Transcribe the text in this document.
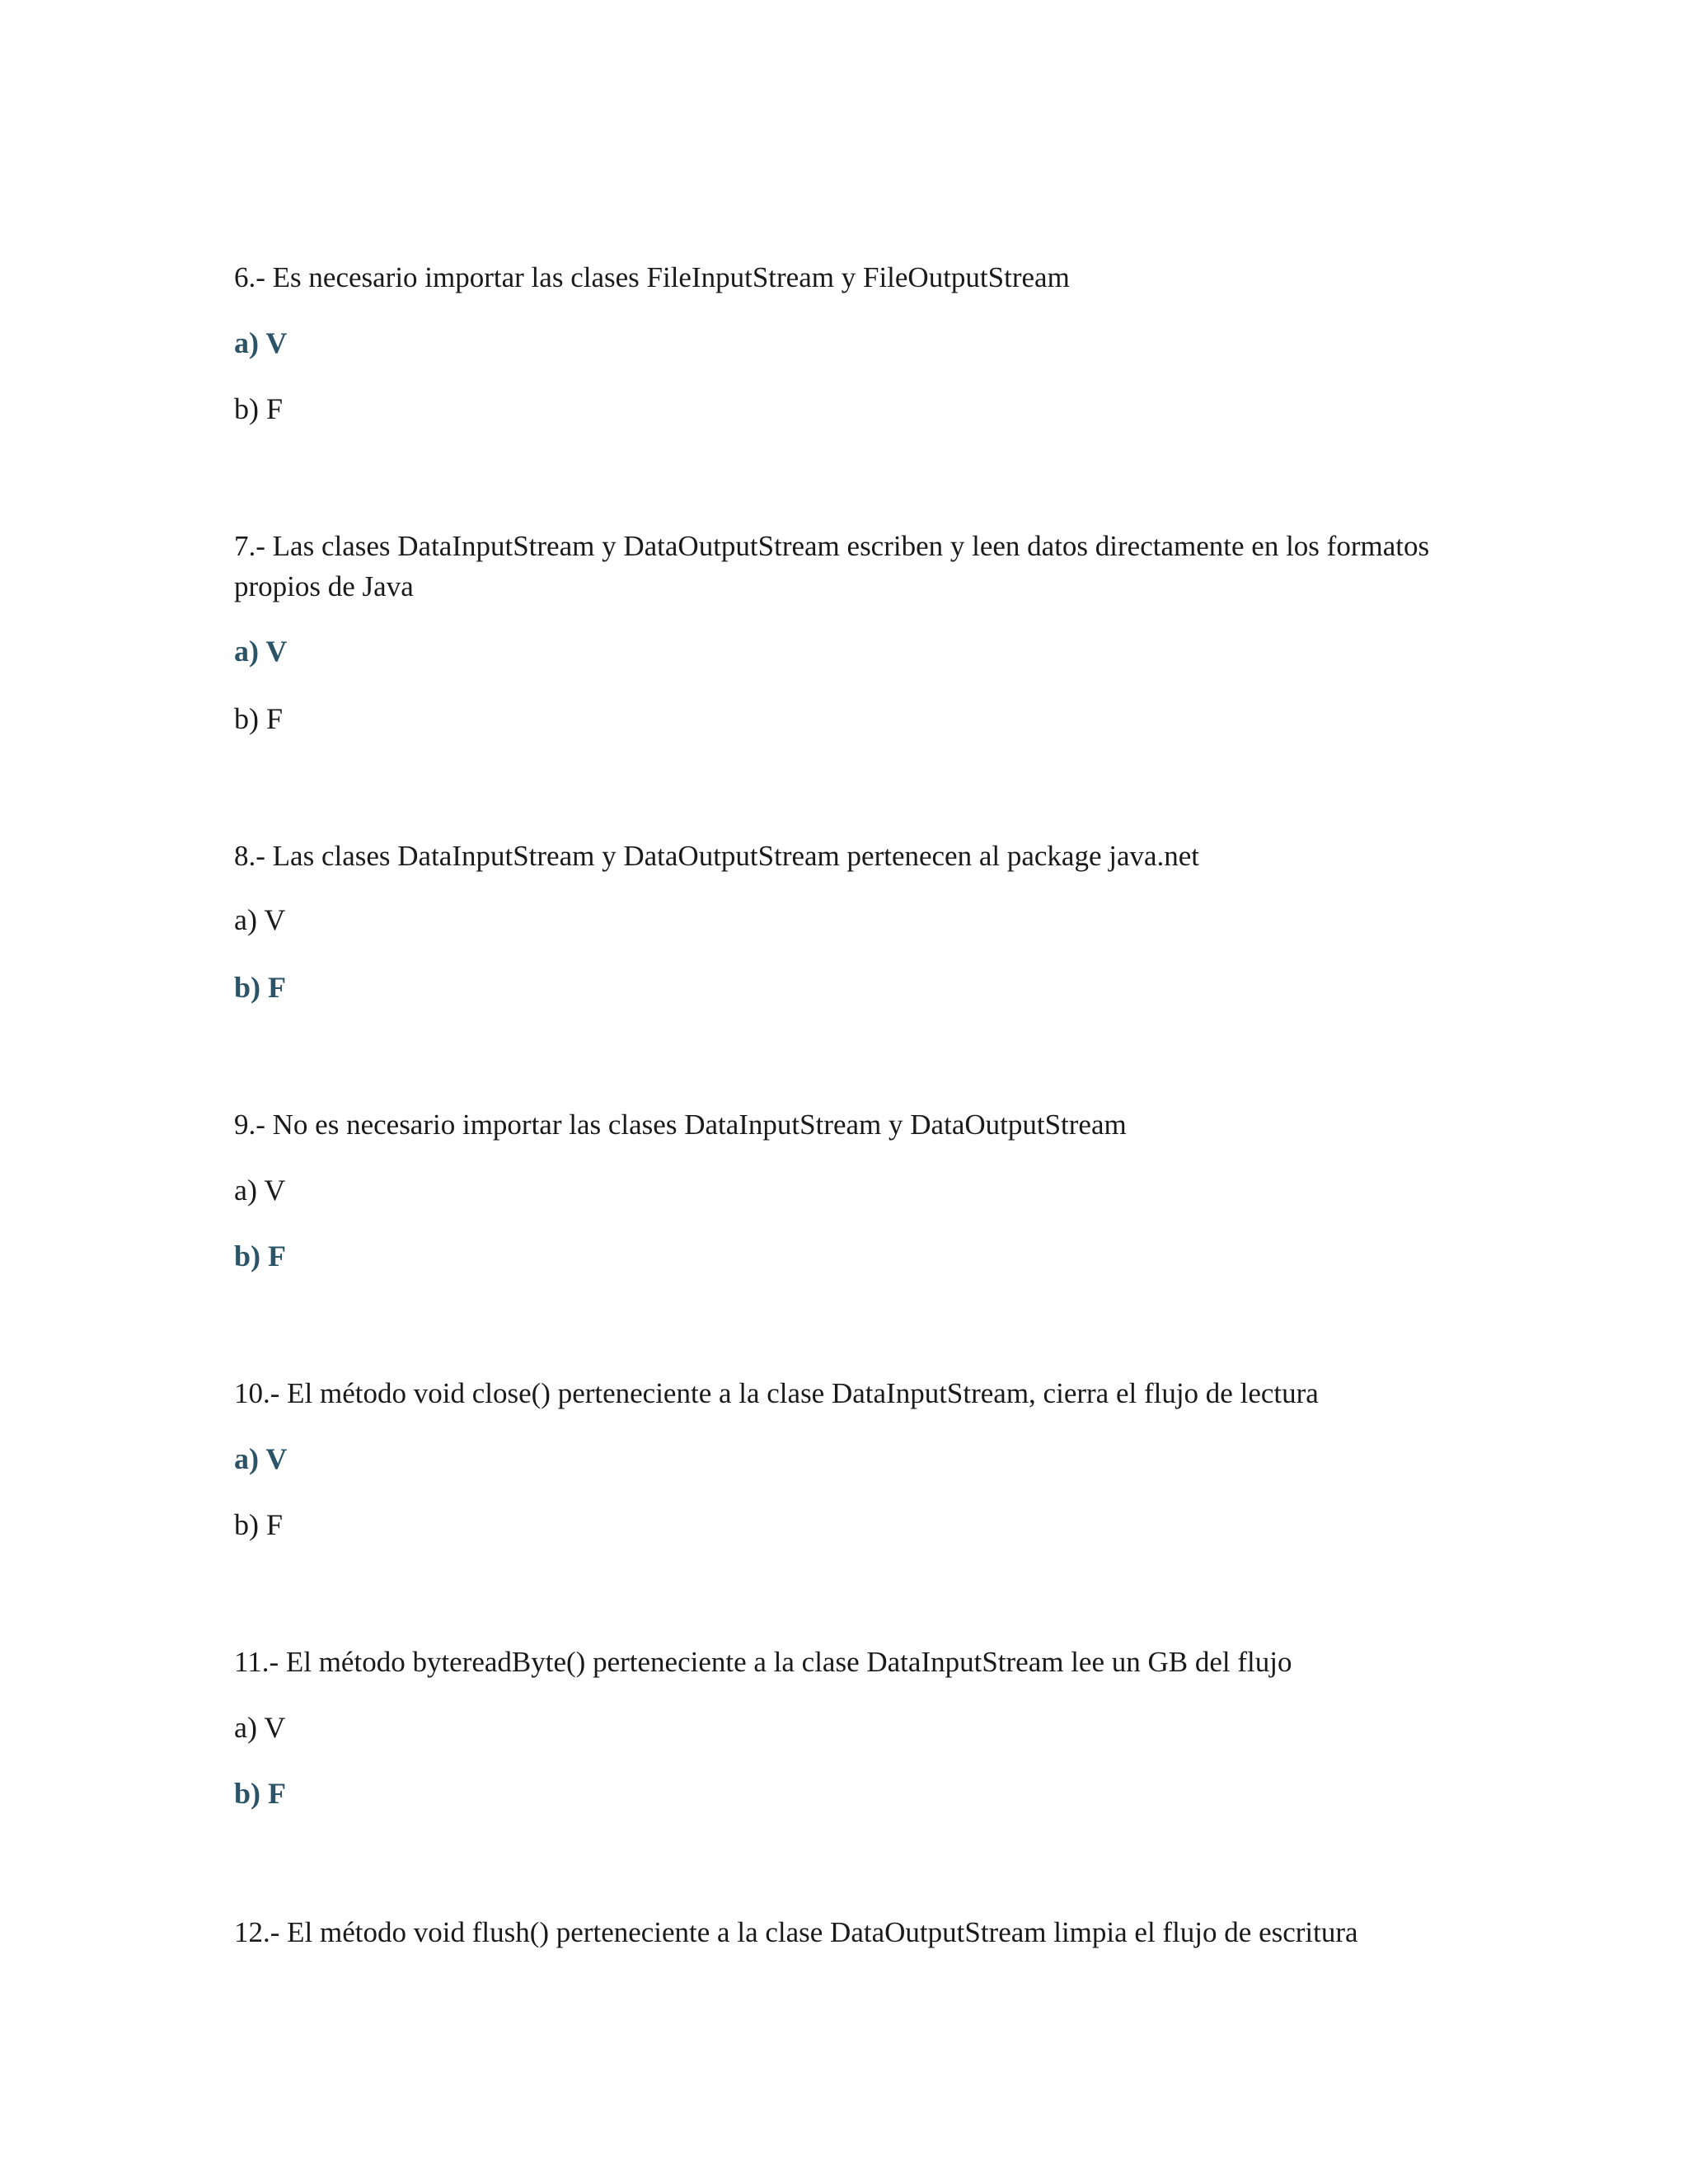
6.- Es necesario importar las clases FileInputStream y FileOutputStream

a) V

b) F

7.- Las clases DataInputStream y DataOutputStream escriben y leen datos directamente en los formatos propios de Java

a) V

b) F

8.- Las clases DataInputStream y DataOutputStream pertenecen al package java.net

a) V

b) F

9.- No es necesario importar las clases DataInputStream y DataOutputStream

a) V

b) F

10.- El método void close() perteneciente a la clase DataInputStream, cierra el flujo de lectura

a) V

b) F

11.- El método bytereadByte() perteneciente a la clase DataInputStream lee un GB del flujo

a) V

b) F

12.- El método void flush() perteneciente a la clase DataOutputStream limpia el flujo de escritura
